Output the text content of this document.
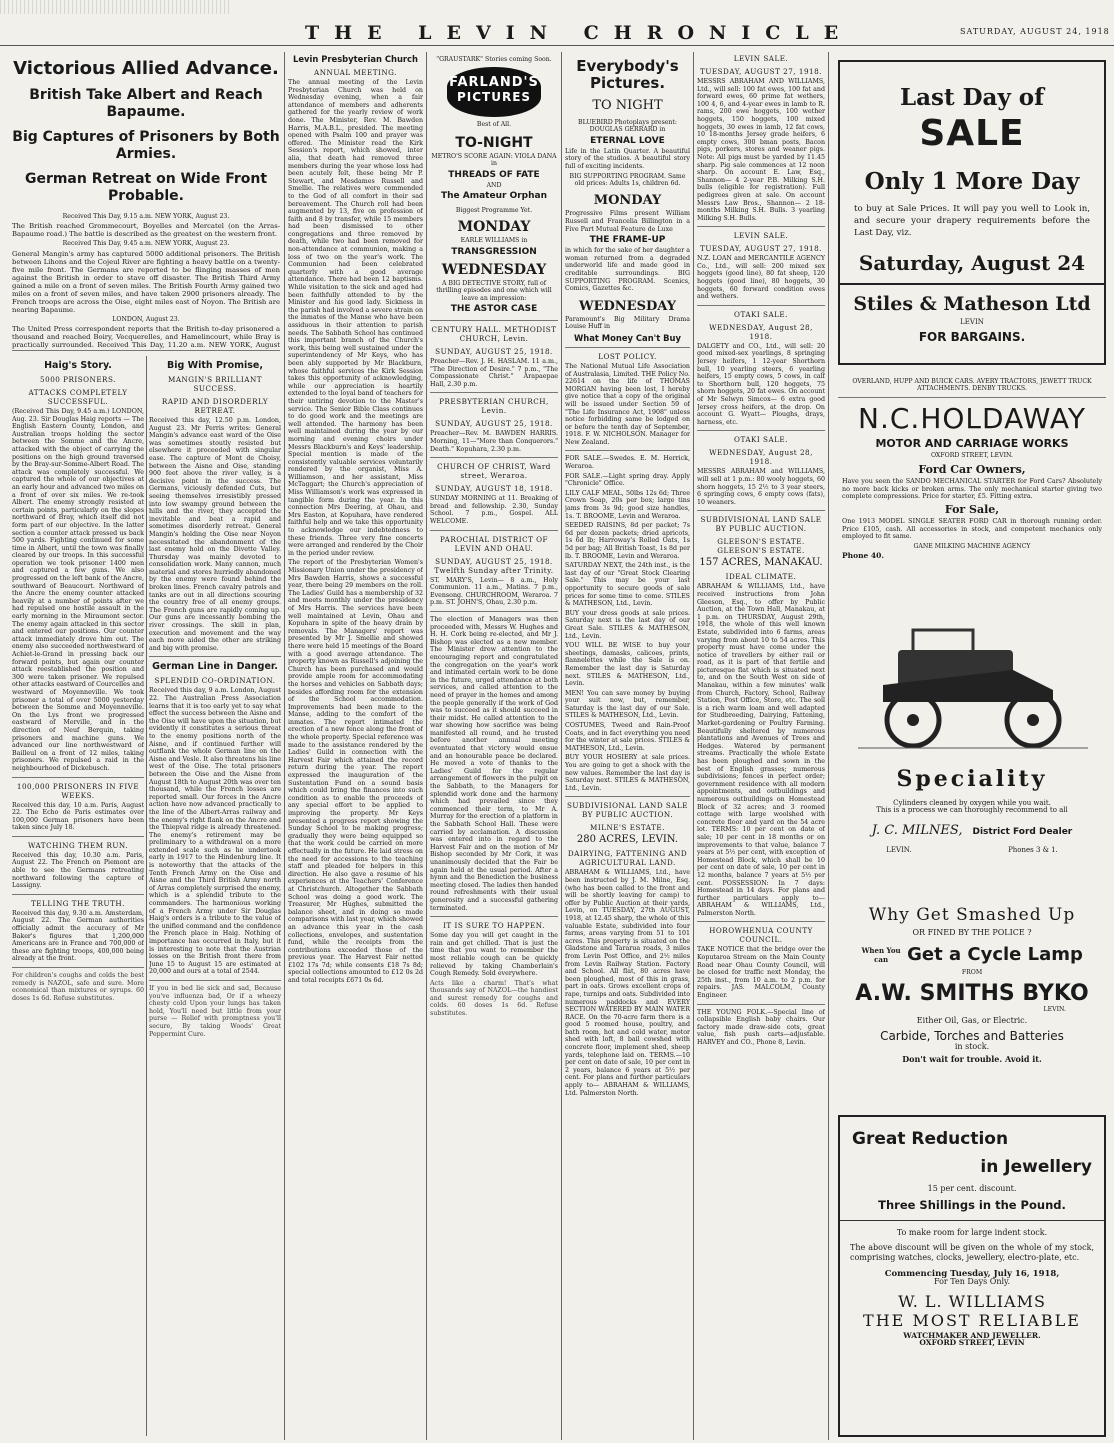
THE LEVIN CHRONICLE	SATURDAY, AUGUST 24, 1918
Victorious Allied Advance.
British Take Albert and Reach Bapaume.
Big Captures of Prisoners by Both Armies.
German Retreat on Wide Front Probable.
Received This Day, 9.15 a.m. NEW YORK, August 23.
The British reached Grommecourt, Boyelles and Mercatel (on the Arras-Bapaume road.) The battle is described as the greatest on the western front.
Received This Day, 9.45 a.m. NEW YORK, August 23.
General Mangin's army has captured 5000 additional prisoners. The British between Lihons and the Cojeul River are fighting a heavy battle on a twenty-five mile front. The Germans are reported to be flinging masses of men against the British in order to stave off disaster. The British Third Army gained a mile on a front of seven miles. The British Fourth Army gained two miles on a front of seven miles, and have taken 2900 prisoners already. The French troops are across the Oise, eight miles east of Noyon. The British are nearing Bapaume.
LONDON, August 23.
The United Press correspondent reports that the British to-day prisonered a thousand and reached Boiry, Vecquerelles, and Hamelincourt, while Bray is practically surrounded. Received This Day, 11.20 a.m. NEW YORK, August
Haig's Story.
5000 PRISONERS.
ATTACKS COMPLETELY SUCCESSFUL.
(Received This Day, 9.45 a.m.) LONDON, Aug. 23. Sir Douglas Haig reports — The English Eastern County, London, and Australian troops holding the sector between the Somme and the Ancre, attacked with the object of carrying the positions on the high ground traversed by the Bray-sur-Somme-Albert Road. The attack was completely successful. We captured the whole of our objectives at an early hour and advanced two miles on a front of over six miles. We re-took Albert. The enemy strongly resisted at certain points, particularly on the slopes northward of Bray, which itself did not form part of our objective. In the latter section a counter attack pressed us back 500 yards. Fighting continued for some time in Albert, until the town was finally cleared by our troops. In this successful operation we took prisoner 1400 men and captured a few guns. We also progressed on the left bank of the Ancre, southward of Beaucourt. Northward of the Ancre the enemy counter attacked heavily at a number of points after we had repulsed one hostile assault in the early morning in the Miraumont sector. The enemy again attacked in this sector and entered our positions. Our counter attack immediately drove him out. The enemy also succeeded northwestward of Achiet-le-Grand in pressing back our forward points, but again our counter attack reestablished the position and 300 were taken prisoner. We repulsed other attacks eastward of Courcelles and westward of Moyenneville. We took prisoner a total of over 5000 yesterday between the Somme and Moyenneville. On the Lys front we progressed eastward of Merville, and in the direction of Neuf Berquin, taking prisoners and machine guns. We advanced our line northwestward of Bailleul on a front of 12 miles, taking prisoners. We repulsed a raid in the neighbourhood of Dickebusch.
100,000 PRISONERS IN FIVE WEEKS.
Received this day, 10 a.m. Paris, August 22. The Echo de Paris estimates over 100,000 German prisoners have been taken since July 18.
WATCHING THEM RUN.
Received this day, 10.30 a.m. Paris, August 22. The French on Piemont are able to see the Germans retreating northward following the capture of Lassigny.
TELLING THE TRUTH.
Received this day, 9.30 a.m. Amsterdam, August 22. The German authorities officially admit the accuracy of Mr Baker's figures that 1,200,000 Americans are in France and 700,000 of these are fighting troops, 400,000 being already at the front.
For children's coughs and colds the best remedy is NAZOL, safe and sure. More economical than mixtures or syrups. 60 doses 1s 6d. Refuse substitutes.
Big With Promise,
MANGIN'S BRILLIANT SUCCESS.
RAPID AND DISORDERLY RETREAT.
Received this day, 12.50 p.m. London, August 23. Mr Perris writes: General Mangin's advance east ward of the Oise was sometimes stoutly resisted but elsewhere it proceeded with singular ease. The capture of Mont de Choisy, between the Aisne and Oise, standing 900 feet above the river valley, is a decisive point in the success. The Germans, viciously defended Cuts, but seeing themselves irresistibly pressed into low swampy ground between the hills and the river, they accepted the inevitable and beat a rapid and sometimes disorderly retreat. General Mangin's holding the Oise near Noyon necessitated the abandonment of the last enemy hold on the Divette Valley. Thursday was mainly devoted to consolidation work. Many cannon, much material and stores hurriedly abandoned by the enemy were found behind the broken lines. French cavalry patrols and tanks are out in all directions scouring the country free of all enemy groups. The French guns are rapidly coming up. Our guns are incessantly bombing the river crossings. The skill in plan, execution and movement and the way each move aided the other are striking and big with promise.
German Line in Danger.
SPLENDID CO-ORDINATION.
Received this day, 9 a.m. London, August 22. The Australian Press Association learns that it is too early yet to say what effect the success between the Aisne and the Oise will have upon the situation, but evidently it constitutes a serious threat to the enemy positions north of the Aisne, and if continued further will outflank the whole German line on the Aisne and Vesle. It also threatens his line west of the Oise. The total prisoners between the Oise and the Aisne from August 18th to August 20th was over ten thousand, while the French losses are reported small. Our forces in the Ancre action have now advanced practically to the line of the Albert-Arras railway and the enemy's right flank on the Ancre and the Thiepval ridge is already threatened. The enemy's retirement may be preliminary to a withdrawal on a more extended scale such as he undertook early in 1917 to the Hindenburg line. It is noteworthy that the attacks of the Tenth French Army on the Oise and Aisne and the Third British Army north of Arras completely surprised the enemy, which is a splendid tribute to the commanders. The harmonious working of a French Army under Sir Douglas Haig's orders is a tribute to the value of the unified command and the confidence the French place in Haig. Nothing of importance has occurred in Italy, but it is interesting to note that the Austrian losses on the British front there from June 15 to August 15 are estimated at 20,000 and ours at a total of 2544.
If you in bed lie sick and sad, Because you've influenza bad, Or if a wheezy chesty cold Upon your lungs has taken hold, You'll need but little from your purse — Relief with promptness you'll secure, By taking Woods' Great Peppermint Cure.
Levin Presbyterian Church
ANNUAL MEETING.
The annual meeting of the Levin Presbyterian Church was held on Wednesday evening, when a fair attendance of members and adherents gathered for the yearly review of work done. The Minister, Rev. M. Bawden Harris, M.A.B.L., presided. The meeting opened with Psalm 100 and prayer was offered. The Minister read the Kirk Session's report, which showed, inter alia, that death had removed three members during the year whose loss had been acutely felt, these being Mr P. Stewart, and Mesdames Russell and Smellie. The relatives were commended to the God of all comfort in their sad bereavement. The Church roll had been augmented by 13, five on profession of faith and 8 by transfer, while 15 members had been dismissed to other congregations and three removed by death, while two had been removed for non-attendance at communion, making a loss of two on the year's work. The Communion had been celebrated quarterly with a good average attendance. There had been 12 baptisms. While visitation to the sick and aged had been faithfully attended to by the Minister and his good lady. Sickness in the parish had involved a severe strain on the inmates of the Manse who have been assiduous in their attention to parish needs. The Sabbath School has continued this important branch of the Church's work, this being well sustained under the superintendency of Mr Keys, who has been ably supported by Mr Blackburn, whose faithful services the Kirk Session takes this opportunity of acknowledging, while our appreciation is heartily extended to the loyal band of teachers for their untiring devotion to the Master's service. The Senior Bible Class continues to do good work and the meetings are well attended. The harmony has been well maintained during the year by our morning and evening choirs under Messrs Blackburn's and Keys' leadership. Special mention is made of the consistently valuable services voluntarily rendered by the organist, Miss A. Williamson, and her assistant, Miss McTaggart; the Church's appreciation of Miss Williamson's work was expressed in tangible form during the year. In this connection Mrs Deering, at Ohau, and Mrs Easton, at Kopuhara, have rendered faithful help and we take this opportunity to acknowledge our indebtedness to these friends. Three very fine concerts were arranged and rendered by the Choir in the period under review.
The report of the Presbyterian Women's Missionary Union under the presidency of Mrs Bawden Harris, shows a successful year, there being 29 members on the roll. The Ladies' Guild has a membership of 32 and meets monthly under the presidency of Mrs Harris. The services have been well maintained at Levin, Ohau and Kopuhara in spite of the heavy drain by removals. The Managers' report was presented by Mr J. Smellie and showed there were held 15 meetings of the Board with a good average attendance. The property known as Russell's adjoining the Church has been purchased and would provide ample room for accommodating the horses and vehicles on Sabbath days; besides affording room for the extension of the School accommodation. Improvements had been made to the Manse, adding to the comfort of the inmates. The report intimated the erection of a new fence along the front of the whole property. Special reference was made to the assistance rendered by the Ladies' Guild in connection with the Harvest Fair which attained the record return during the year. The report expressed the inauguration of the Sustentation Fund on a sound basis which could bring the finances into such condition as to enable the proceeds of any special effort to be applied to improving the property. Mr Keys presented a progress report showing the Sunday School to be making progress; gradually they were being equipped so that the work could be carried on more effectually in the future. He laid stress on the need for accessions to the teaching staff and pleaded for helpers in this direction. He also gave a resume of his experiences at the Teachers' Conference at Christchurch. Altogether the Sabbath School was doing a good work. The Treasurer, Mr Hughes, submitted the balance sheet, and in doing so made comparisons with last year, which showed an advance this year in the cash collections, envelopes, and sustentation fund, while the receipts from the contributions exceeded those of the previous year. The Harvest Fair netted £102 17s 7d; while consents £18 7s 8d; special collections amounted to £12 0s 2d and total receipts £671 0s 6d.
"GRAUSTARK" Stories coming Soon.
FARLAND'S
PICTURES
Best of All.
TO-NIGHT
METRO'S SCORE AGAIN: VIOLA DANA in
THREADS OF FATE
AND
The Amateur Orphan
Biggest Programme Yet.
MONDAY
EARLE WILLIAMS in
TRANSGRESSION
WEDNESDAY
A BIG DETECTIVE STORY, full of thrilling episodes and one which will leave an impression:
THE ASTOR CASE
CENTURY HALL. METHODIST CHURCH, Levin.
SUNDAY, AUGUST 25, 1918.
Preacher—Rev. J. H. HASLAM. 11 a.m., "The Direction of Desire." 7 p.m., "The Compassionate Christ." Arapaepae Hall, 2.30 p.m.
PRESBYTERIAN CHURCH, Levin.
SUNDAY, AUGUST 25, 1918.
Preacher—Rev. M. BAWDEN HARRIS. Morning, 11—"More than Conquerors." Death." Kopuhara, 2.30 p.m.
CHURCH OF CHRIST, Ward street, Weraroa.
SUNDAY, AUGUST 18, 1918.
SUNDAY MORNING at 11. Breaking of bread and fellowship. 2.30, Sunday School. 7 p.m., Gospel. ALL WELCOME.
PAROCHIAL DISTRICT OF LEVIN AND OHAU.
SUNDAY, AUGUST 25, 1918. Twelfth Sunday after Trinity.
ST. MARY'S, Levin— 8 a.m., Holy Communion. 11 a.m., Matins. 7 p.m., Evensong. CHURCHROOM, Weraroa. 7 p.m. ST. JOHN'S, Ohau, 2.30 p.m.
The election of Managers was then proceeded with, Messrs W. Hughes and H. H. Cork being re-elected, and Mr J. Bishop was elected as a new member. The Minister drew attention to the encouraging report and congratulated the congregation on the year's work and intimated certain work to be done in the future, urged attendance at both services, and called attention to the need of prayer in the homes and among the people generally if the work of God was to succeed as it should succeed in their midst. He called attention to the war showing how sacrifice was being manifested all round, and he trusted before another annual meeting eventuated that victory would ensue and an honourable peace be declared. He moved a vote of thanks to the Ladies' Guild for the regular arrangement of flowers in the pulpit on the Sabbath, to the Managers for splendid work done and the harmony which had prevailed since they commenced their term, to Mr A. Murray for the erection of a platform in the Sabbath School Hall. These were carried by acclamation. A discussion was entered into in regard to the Harvest Fair and on the motion of Mr Bishop seconded by Mr Cork, it was unanimously decided that the Fair be again held at the usual period. After a hymn and the Benediction the business meeting closed. The ladies then handed round refreshments with their usual generosity and a successful gathering terminated.
IT IS SURE TO HAPPEN.
Some day you will get caught in the rain and get chilled. That is just the time that you want to remember the most reliable cough can be quickly relieved by taking Chamberlain's Cough Remedy. Sold everywhere.
Acts like a charm! That's what thousands say of NAZOL—the handiest and surest remedy for coughs and colds. 60 doses 1s 6d. Refuse substitutes.
Everybody's Pictures.
TO NIGHT
BLUEBIRD Photoplays present: DOUGLAS GERRARD in
ETERNAL LOVE
Life in the Latin Quarter. A beautiful story of the studios. A beautiful story full of exciting incidents.
BIG SUPPORTING PROGRAM. Same old prices: Adults 1s, children 6d.
MONDAY
Progressive Films present William Russell and Francelia Billington in a Five Part Mutual Feature de Luxe
THE FRAME-UP
in which for the sake of her daughter a woman returned from a degraded underworld life and made good in creditable surroundings. BIG SUPPORTING PROGRAM. Scenics, Comics, Gazettes &c.
WEDNESDAY
Paramount's Big Military Drama Louise Huff in
What Money Can't Buy
LOST POLICY.
The National Mutual Life Association of Australasia, Limited. THE Policy No. 22614 on the life of THOMAS MORGAN having been lost, I hereby give notice that a copy of the original will be issued under Section 59 of "The Life Insurance Act, 1908" unless notice forbidding same be lodged on or before the tenth day of September, 1918. F. W. NICHOLSON. Manager for New Zealand.
FOR SALE.—Swedes. E. M. Herrick, Weraroa.
FOR SALE.—Light spring dray. Apply "Chronicle" Office.
LILY CALF MEAL, 50lbs 12s 6d; Three Crown Soap, 20s per box; large tins jams from 3s 9d; good size handles, 1s. T. BROOME, Levin and Weraroa.
SEEDED RAISINS, 8d per packet; 7s 6d per dozen packets; dried apricots, 1s 6d lb; Harroway's Rolled Oats, 1s 5d per bag; All British Toast, 1s 8d per lb. T. BROOME, Levin and Weraroa.
SATURDAY NEXT, the 24th inst., is the last day of our "Great Stock Clearing Sale." This may be your last opportunity to secure goods of sale prices for some time to come. STILES & MATHESON, Ltd., Levin.
BUY your dress goods at sale prices. Saturday next is the last day of our Great Sale. STILES & MATHESON, Ltd., Levin.
YOU WILL BE WISE to buy your sheetings, damasks, calicoes, prints, flannelettes while the Sale is on. Remember the last day is Saturday next. STILES & MATHESON, Ltd., Levin.
MEN! You can save money by buying your suit now, but, remember, Saturday is the last day of our Sale. STILES & MATHESON, Ltd., Levin.
COSTUMES, Tweed and Rain-Proof Coats, and in fact everything you need for the winter at sale prices. STILES & MATHESON, Ltd., Levin.
BUY YOUR HOSIERY at sale prices. You are going to get a shock with the new values. Remember the last day is Saturday next. STILES & MATHESON, Ltd., Levin.
SUBDIVISIONAL LAND SALE BY PUBLIC AUCTION.
MILNE'S ESTATE.
280 ACRES, LEVIN.
DAIRYING, FATTENING AND AGRICULTURAL LAND.
ABRAHAM & WILLIAMS, Ltd., have been instructed by J. M. Milne, Esq. (who has been called to the front and will be shortly leaving for camp) to offer by Public Auction at their yards, Levin, on TUESDAY, 27th AUGUST, 1918, at 12.45 sharp, the whole of this valuable Estate, subdivided into four farms, areas varying from 51 to 101 acres. This property is situated on the Gladstone and Tararua roads, 3 miles from Levin Post Office, and 2½ miles from Levin Railway Station. Factory and School. All flat, 80 acres have been ploughed, most of this in grass, part in oats. Grows excellent crops of rape, turnips and oats. Subdivided into numerous paddocks and EVERY SECTION WATERED BY MAIN WATER RACE. On the 70-acre farm there is a good 5 roomed house, poultry, and bath room, hot and cold water, motor shed with loft, 8 bail cowshed with concrete floor, implement shed, sheep yards, telephone laid on. TERMS.—10 per cent on date of sale, 10 per cent in 2 years, balance 6 years at 5½ per cent. For plans and further particulars apply to— ABRAHAM & WILLIAMS, Ltd. Palmerston North.
LEVIN SALE.
TUESDAY, AUGUST 27, 1918.
MESSRS ABRAHAM AND WILLIAMS, Ltd., will sell: 100 fat ewes, 100 fat and forward ewes, 60 prime fat wethers, 100 4, 6, and 4-year ewes in lamb to R. rams, 200 ewe hoggets, 100 wether hoggets, 150 hoggets, 100 mixed hoggets, 30 ewes in lamb, 12 fat cows, 10 18-months Jersey grade heifers, 6 empty cows, 300 bman posts, Bacon pigs, porkers, stores and weaner pigs. Note: All pigs must be yarded by 11.45 sharp. Pig sale commences at 12 noon sharp. On account E. Law, Esq., Shannon— 4 2-year P.B. Milking S.H. bulls (eligible for registration). Full pedigrees given at sale. On account Messrs Law Bros., Shannon— 2 18-months Milking S.H. Bulls. 3 yearling Milking S.H. Bulls.
LEVIN SALE.
TUESDAY, AUGUST 27, 1918.
N.Z. LOAN and MERCANTILE AGENCY Co., Ltd., will sell: 200 mixed sex hoggets (good line), 80 fat sheep, 120 hoggets (good line), 80 hoggets, 30 hoggets, 60 forward condition ewes and wethers.
OTAKI SALE.
WEDNESDAY, August 28, 1918.
DALGETY and CO., Ltd., will sell: 20 good mixed-sex yearlings, 8 springing Jersey heifers, 1 12-year Shorthorn bull, 10 yearling steers, 6 yearling heifers, 15 empty cows, 5 cows, in calf to Shorthorn bull, 120 hoggets, 75 shorn hoggets, 20 fat ewes. On account of Mr Selwyn Simcox— 6 extra good Jersey cross heifers, at the drop. On account G. Wyatt— Ploughs, drays, harness, etc.
OTAKI SALE.
WEDNESDAY, August 28, 1918.
MESSRS ABRAHAM and WILLIAMS, will sell at 1 p.m.: 80 wooly hoggets, 60 shorn hoggets, 15 2½ to 3 year steers, 6 springing cows, 6 empty cows (fats), 10 weaners.
SUBDIVISIONAL LAND SALE BY PUBLIC AUCTION.
GLEESON'S ESTATE. GLEESON'S ESTATE.
157 ACRES, MANAKAU.
IDEAL CLIMATE.
ABRAHAM & WILLIAMS, Ltd., have received instructions from John Gleeson, Esq., to offer by Public Auction, at the Town Hall, Manakau, at 1 p.m. on THURSDAY, August 29th, 1918, the whole of this well known Estate, subdivided into 6 farms, areas varying from about 10 to 54 acres. This property must have come under the notice of travellers by either rail or road, as it is part of that fertile and picturesque flat which is situated next to, and on the South West on side of Manakau, within a few minutes' walk from Church, Factory, School, Railway Station, Post Office, Store, etc. The soil is a rich warm loam and well adapted for Studbreeding, Dairying, Fattening, Market-gardening or Poultry Farming. Beautifully sheltered by numerous plantations and Avenues of Trees and Hedges. Watered by permanent streams. Practically the whole Estate has been ploughed and sown in the best of English grasses; numerous subdivisions; fences in perfect order; government residence with all modern appointments, and outbuildings and numerous outbuildings on Homestead Block of 32 acres; and 3 roomed cottage with large woolshed with concrete floor and yard on the 54 acre lot. TERMS: 10 per cent on date of sale; 10 per cent in 18 months or on improvements to that value, balance 7 years at 5½ per cent, with exception of Homestead Block, which shall be 10 per cent on date of sale, 10 per cent in 12 months, balance 7 years at 5½ per cent. POSSESSION: In 7 days: Homestead in 14 days. For plans and further particulars apply to— ABRAHAM & WILLIAMS, Ltd., Palmerston North.
HOROWHENUA COUNTY COUNCIL.
TAKE NOTICE that the bridge over the Koputaroa Stream on the Main County Road near Ohau County Council, will be closed for traffic next Monday, the 25th inst., from 10 a.m. to 2 p.m. for repairs. JAS. MALCOLM, County Engineer.
THE YOUNG FOLK.—Special line of collapsible English baby chairs. Our factory made draw-side cots, great value, fish push carts—adjustable. HARVEY and CO., Phone 8, Levin.
Last Day of
SALE
Only 1 More Day
to buy at Sale Prices. It will pay you well to Look in, and secure your drapery requirements before the Last Day, viz.
Saturday, August 24
Stiles & Matheson Ltd
LEVIN
FOR BARGAINS.
OVERLAND, HUPP AND BUICK CARS. AVERY TRACTORS, JEWETT TRUCK ATTACHMENTS. DENBY TRUCKS.
N.C.HOLDAWAY
MOTOR AND CARRIAGE WORKS
OXFORD STREET, LEVIN.
Ford Car Owners,
Have you seen the SANDO MECHANICAL STARTER for Ford Cars? Absolutely no more back kicks or broken arms. The only mechanical starter giving two complete compressions. Price for starter, £5. Fitting extra.
For Sale,
One 1913 MODEL SINGLE SEATER FORD CAR in thorough running order. Price £105, cash. All accessories in stock, and competent mechanics only employed to fit same.
GANE MILKING MACHINE AGENCY
Phone 40.
Speciality
Cylinders cleaned by oxygen while you wait.
This is a process we can thoroughly recommend to all
J. C. MILNES, District Ford Dealer
LEVIN.	Phones 3 & 1.
Why Get Smashed Up
OR FINED BY THE POLICE ?
When You can	Get a Cycle Lamp
FROM
A.W. SMITHS BYKO
LEVIN.
Either Oil, Gas, or Electric.
Carbide, Torches and Batteries
in stock.
Don't wait for trouble. Avoid it.
Great Reduction
in Jewellery
15 per cent. discount.
Three Shillings in the Pound.
To make room for large indent stock.
The above discount will be given on the whole of my stock, comprising watches, clocks, jewellery, electro-plate, etc.
Commencing Tuesday, July 16, 1918,
For Ten Days Only.
W. L. WILLIAMS
THE MOST RELIABLE
WATCHMAKER AND JEWELLER.
OXFORD STREET, LEVIN
